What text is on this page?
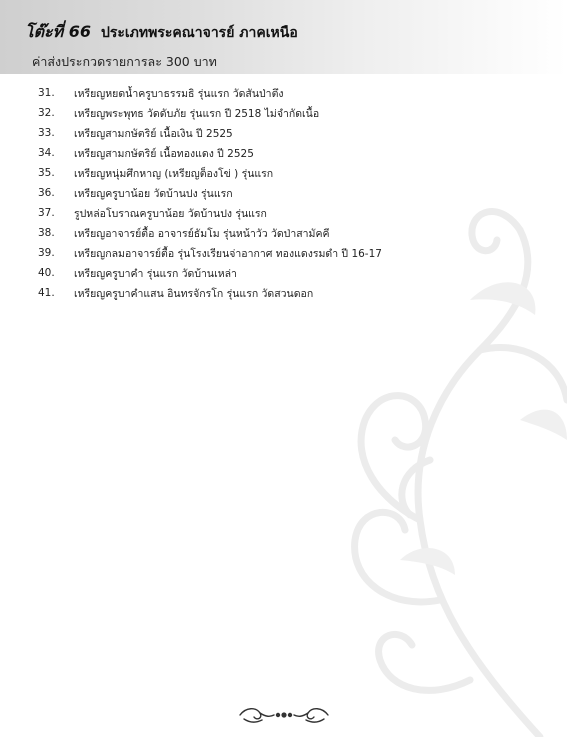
โต๊ะที่ 66 ประเภทพระคณาจารย์ ภาคเหนือ
ค่าส่งประกวดรายการละ 300 บาท
31.	เหรียญหยดน้ำครูบาธรรมธิ รุ่นแรก วัดสันป่าตึง
32.	เหรียญพระพุทธ วัดดับภัย รุ่นแรก ปี 2518 ไม่จำกัดเนื้อ
33.	เหรียญสามกษัตริย์ เนื้อเงิน ปี 2525
34.	เหรียญสามกษัตริย์ เนื้อทองแดง ปี 2525
35.	เหรียญหนุ่มศึกหาญ (เหรียญต็องโข่ ) รุ่นแรก
36.	เหรียญครูบาน้อย วัดบ้านปง รุ่นแรก
37.	รูปหล่อโบราณครูบาน้อย วัดบ้านปง รุ่นแรก
38.	เหรียญอาจารย์ตื้อ อาจารย์ธัมโม รุ่นหน้าวัว วัดป่าสามัคคี
39.	เหรียญกลมอาจารย์ตื้อ รุ่นโรงเรียนจ่าอากาศ ทองแดงรมดำ ปี 16-17
40.	เหรียญครูบาคำ รุ่นแรก วัดบ้านเหล่า
41.	เหรียญครูบาคำแสน อินทรจักรโก รุ่นแรก วัดสวนดอก
